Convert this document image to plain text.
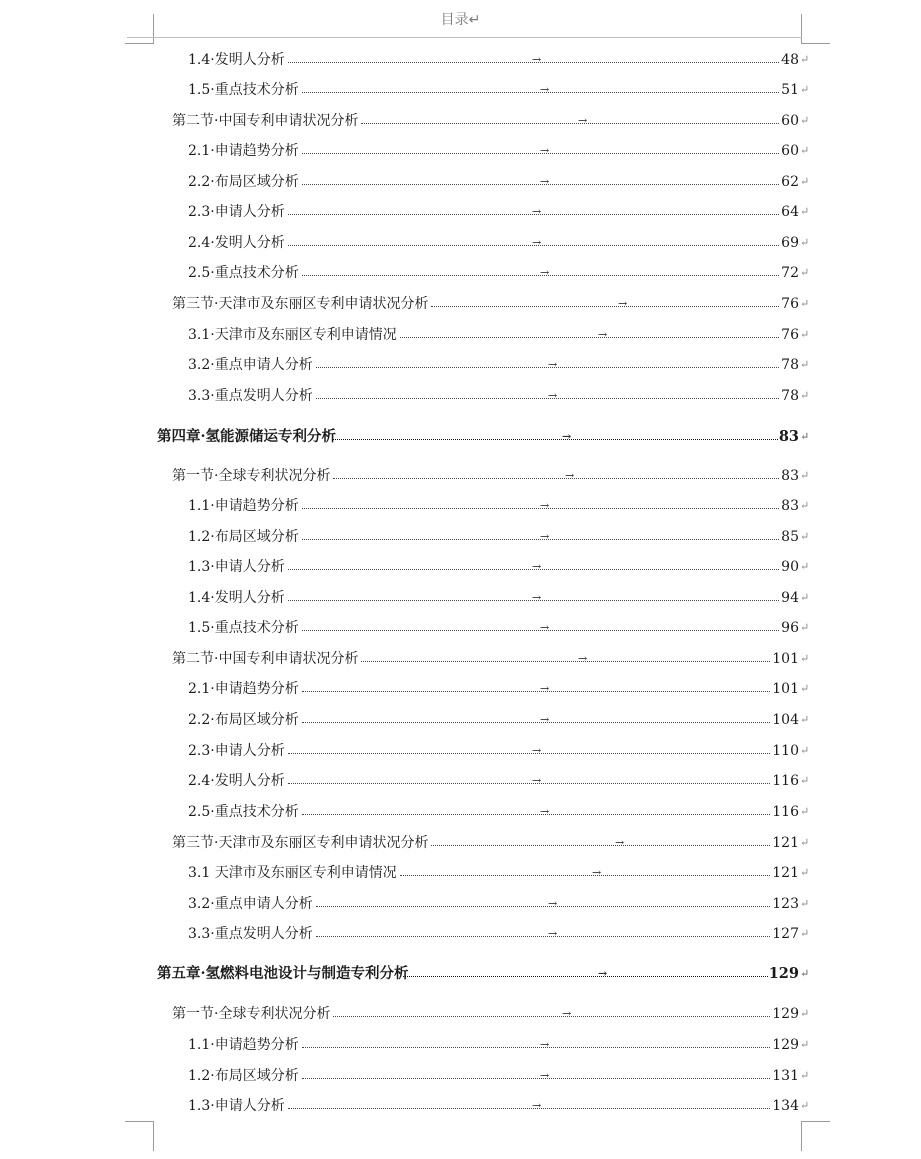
目录↵
1.4·发明人分析	48 ↵
→
1.5·重点技术分析	51 ↵
→
第二节·中国专利申请状况分析	60 ↵
→
2.1·申请趋势分析	60 ↵
→
2.2·布局区域分析	62 ↵
→
2.3·申请人分析	64 ↵
→
2.4·发明人分析	69 ↵
→
2.5·重点技术分析	72 ↵
→
第三节·天津市及东丽区专利申请状况分析	76 ↵
→
3.1·天津市及东丽区专利申请情况	76 ↵
→
3.2·重点申请人分析	78 ↵
→
3.3·重点发明人分析	78 ↵
→
第四章·氢能源储运专利分析	83 ↵
→
第一节·全球专利状况分析	83 ↵
→
1.1·申请趋势分析	83 ↵
→
1.2·布局区域分析	85 ↵
→
1.3·申请人分析	90 ↵
→
1.4·发明人分析	94 ↵
→
1.5·重点技术分析	96 ↵
→
第二节·中国专利申请状况分析	101 ↵
→
2.1·申请趋势分析	101 ↵
→
2.2·布局区域分析	104 ↵
→
2.3·申请人分析	110 ↵
→
2.4·发明人分析	116 ↵
→
2.5·重点技术分析	116 ↵
→
第三节·天津市及东丽区专利申请状况分析	121 ↵
→
3.1 天津市及东丽区专利申请情况	121 ↵
→
3.2·重点申请人分析	123 ↵
→
3.3·重点发明人分析	127 ↵
→
第五章·氢燃料电池设计与制造专利分析	129 ↵
→
第一节·全球专利状况分析	129 ↵
→
1.1·申请趋势分析	129 ↵
→
1.2·布局区域分析	131 ↵
→
1.3·申请人分析	134 ↵
→
